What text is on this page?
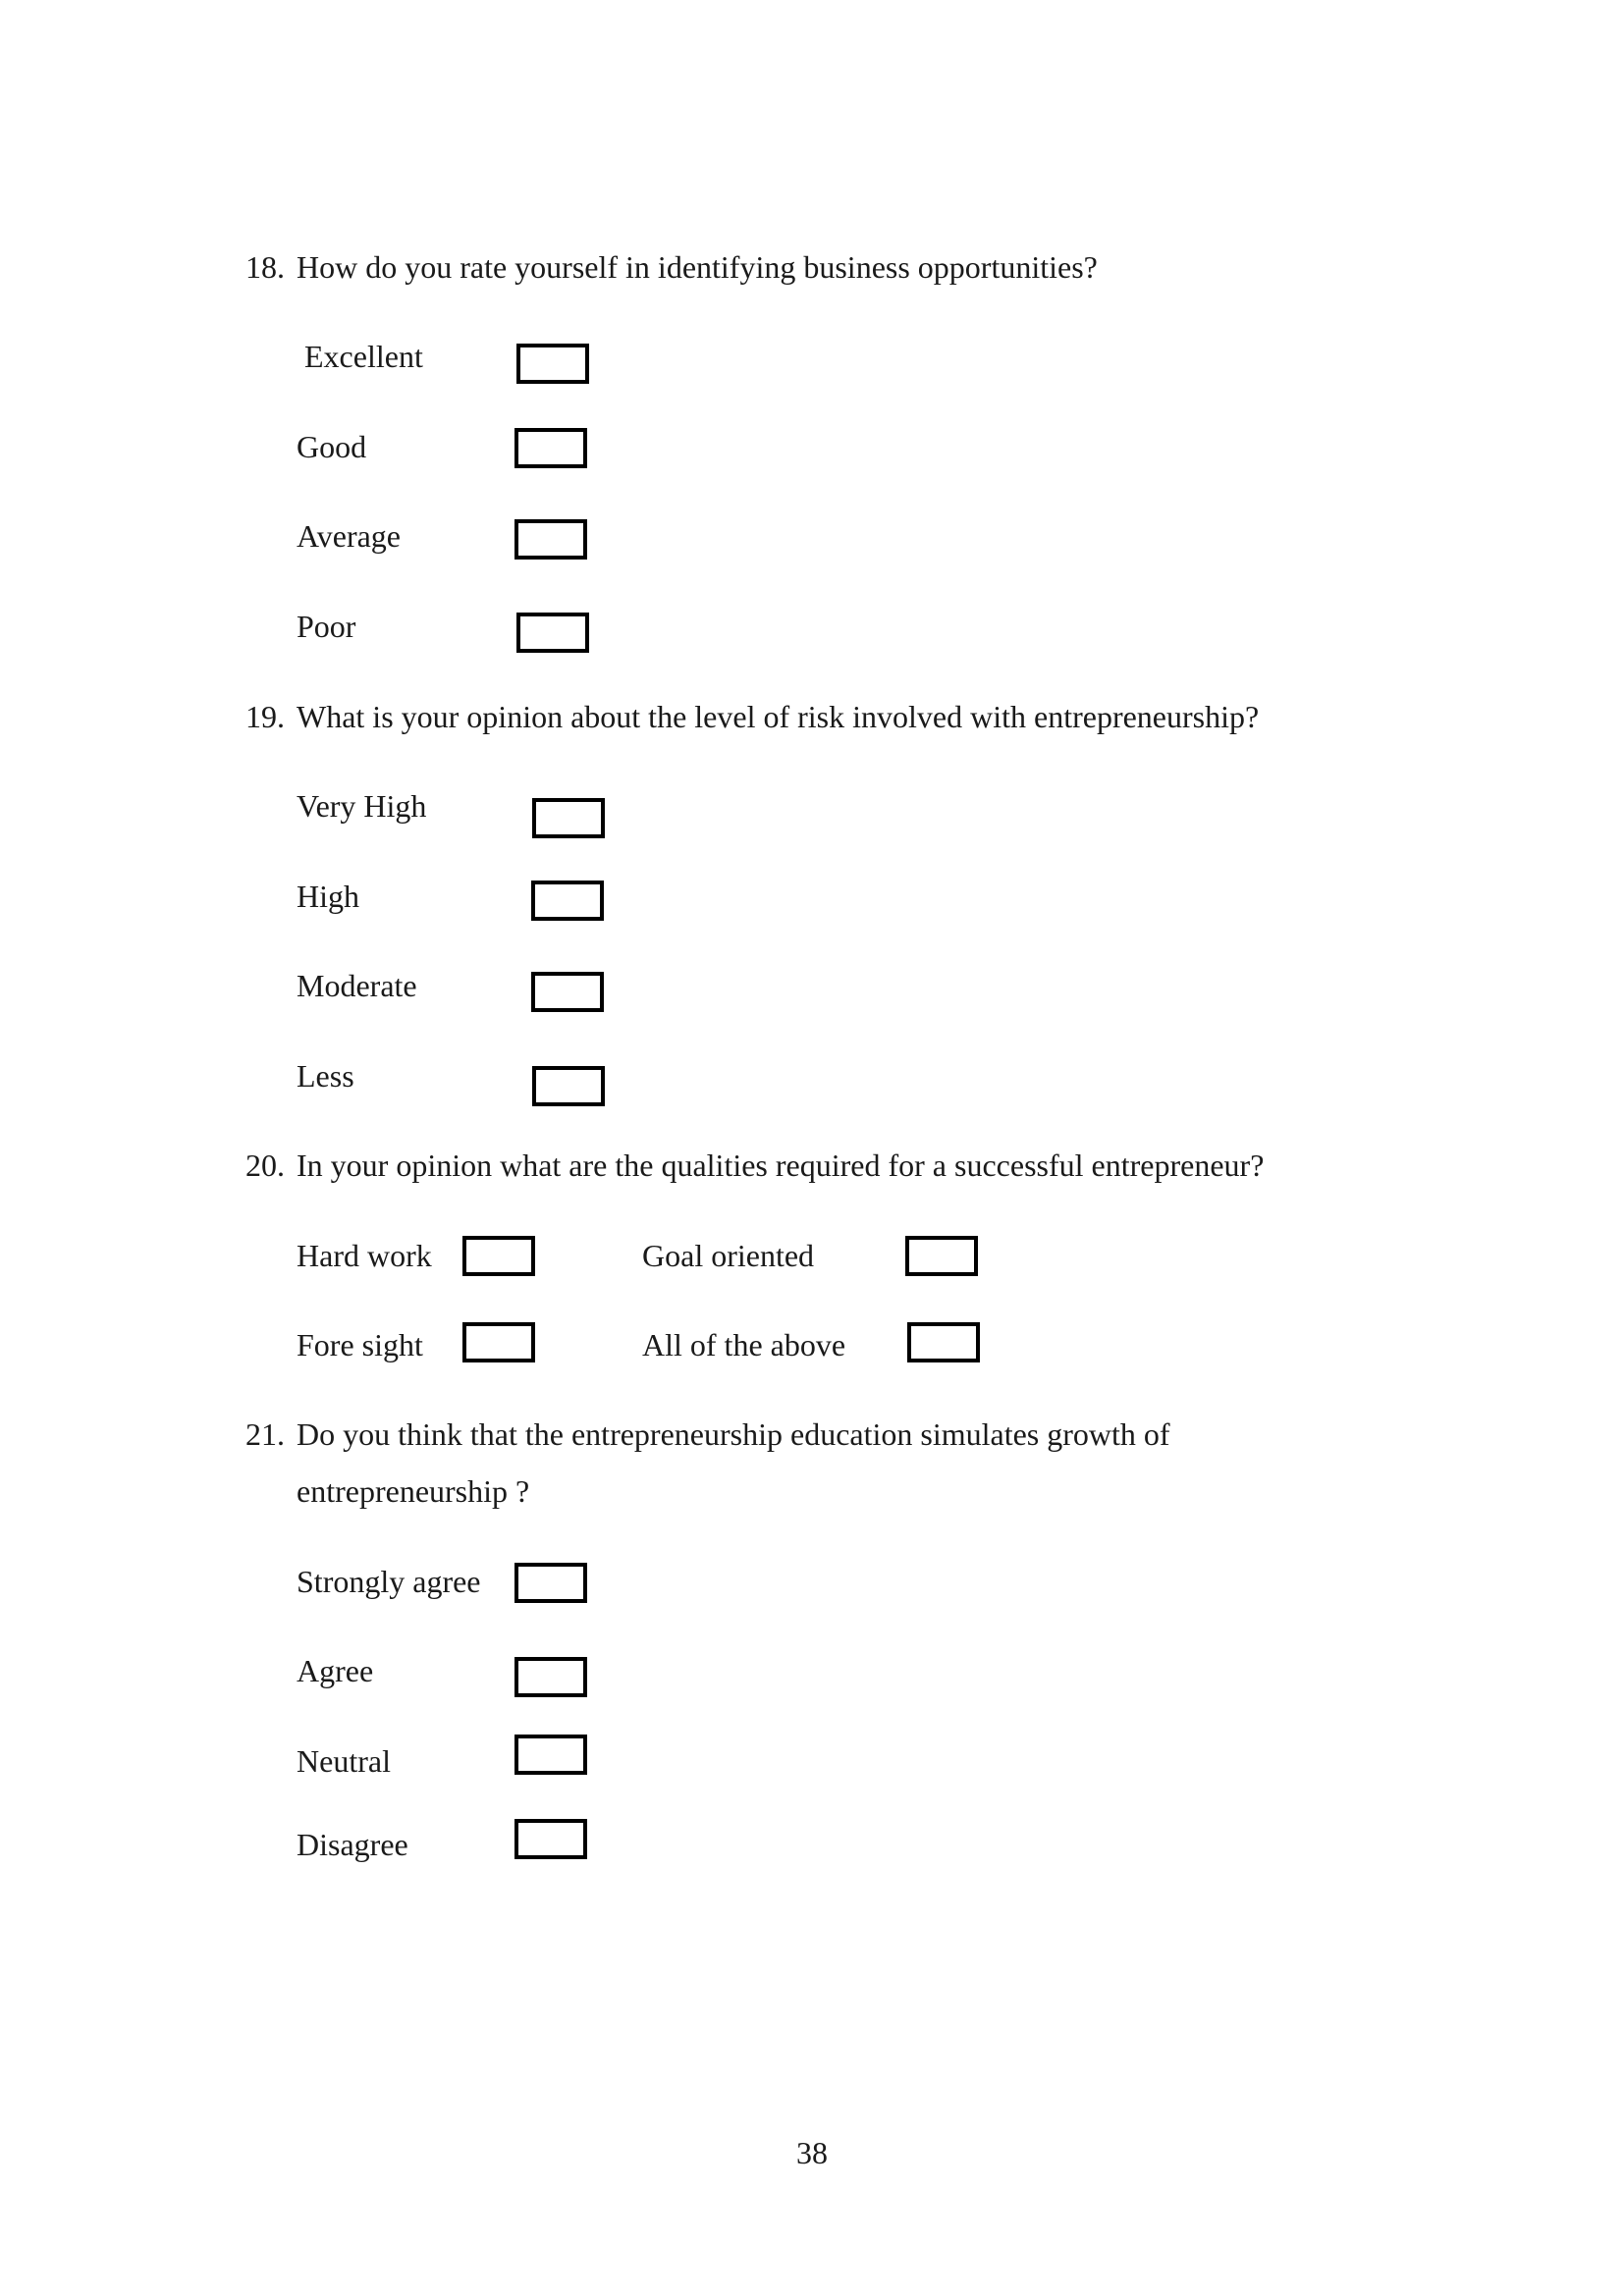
18. How do you rate yourself in identifying business opportunities?
Excellent
Good
Average
Poor
19. What is your opinion about the level of risk involved with entrepreneurship?
Very High
High
Moderate
Less
20. In your opinion what are the qualities required for a successful entrepreneur?
Hard work	Goal oriented
Fore sight	All of the above
21. Do you think that the entrepreneurship education simulates growth of
entrepreneurship ?
Strongly agree
Agree
Neutral
Disagree
38
